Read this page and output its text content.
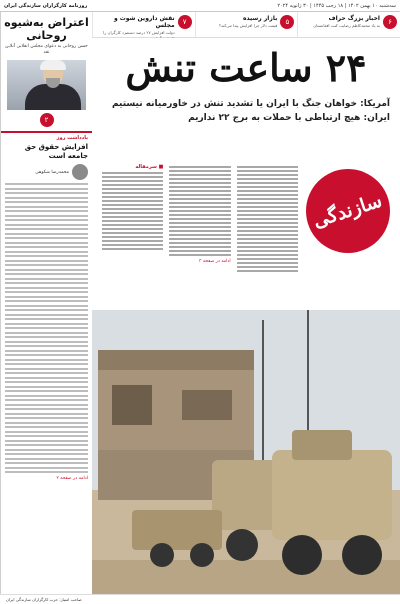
سه‌شنبه ۱۰ بهمن ۱۴۰۲ | ۱۸ رجب ۱۴۴۵ | ۳۰ ژانویه ۲۰۲۴
روزنامه کارگزاران سازندگی ایران
۶
اخبار بزرگ حراف
به یاد محمدکاظم رضایت کنت افغانستان
۵
بازار رسیده
قیمت دلار چرا افزایش پیدا می‌کند؟
۷
نقش داروین شوت و مجلس
دولت افزایش ۲۷ درصد دستمزد کارگران را
اعتراض به‌شیوه روحانی
حسن روحانی به دعوای مجلس انقلابی آنلاین نقد
۲
یادداشت روز
افزایش حقوق حق جامعه است
محمدرضا شکوهی
ادامه در صفحه ۲
۲۴ ساعت تنش
آمریکا: خواهان جنگ با ایران یا تشدید تنش در خاورمیانه نیستیم
ایران: هیچ ارتباطی با حملات به برج ۲۲ نداریم
ادامه در صفحه ۳
■ سرمقاله
سازندگی
صاحب امتیاز: حزب کارگزاران سازندگی ایران
